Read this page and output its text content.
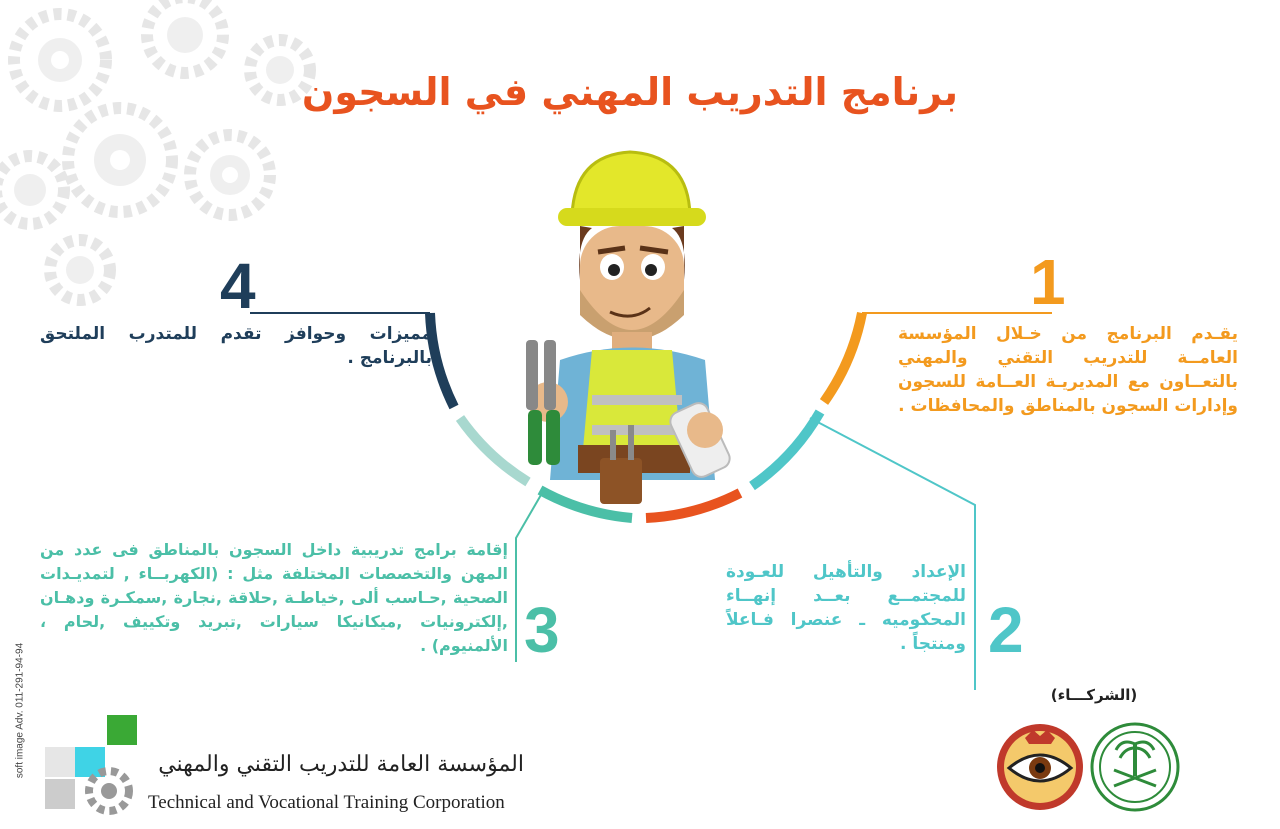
برنامج التدريب المهني في السجون
1
2
3
4
يقـدم البرنامج من خـلال المؤسسة العامــة للتدريب التقني والمهني بالتعــاون مع المديريـة العــامة للسجون وإدارات السجون بالمناطق والمحافظات .
الإعداد والتأهيل للعـودة للمجتمــع بعــد إنهــاء المحكوميه ـ عنصرا فـاعلاً ومنتجاً .
إقامة برامج تدريبية داخل السجون بالمناطق فى عدد من المهن والتخصصات المختلفة مثل : (الكهربــاء , لتمديـدات الصحية ,حـاسب ألى ,خياطـة ,حلاقة ,نجارة ,سمكـرة ودهـان ,إلكترونيات ,ميكانيكا سيارات ,تبريد وتكييف ,لحام ، الألمنيوم) .
مميزات وحوافز تقدم للمتدرب الملتحق بالبرنامج .
(الشركـــاء)
soft image Adv. 011-291-94-94	المؤسسة العامة للتدريب التقني والمهني
Technical and Vocational Training Corporation
